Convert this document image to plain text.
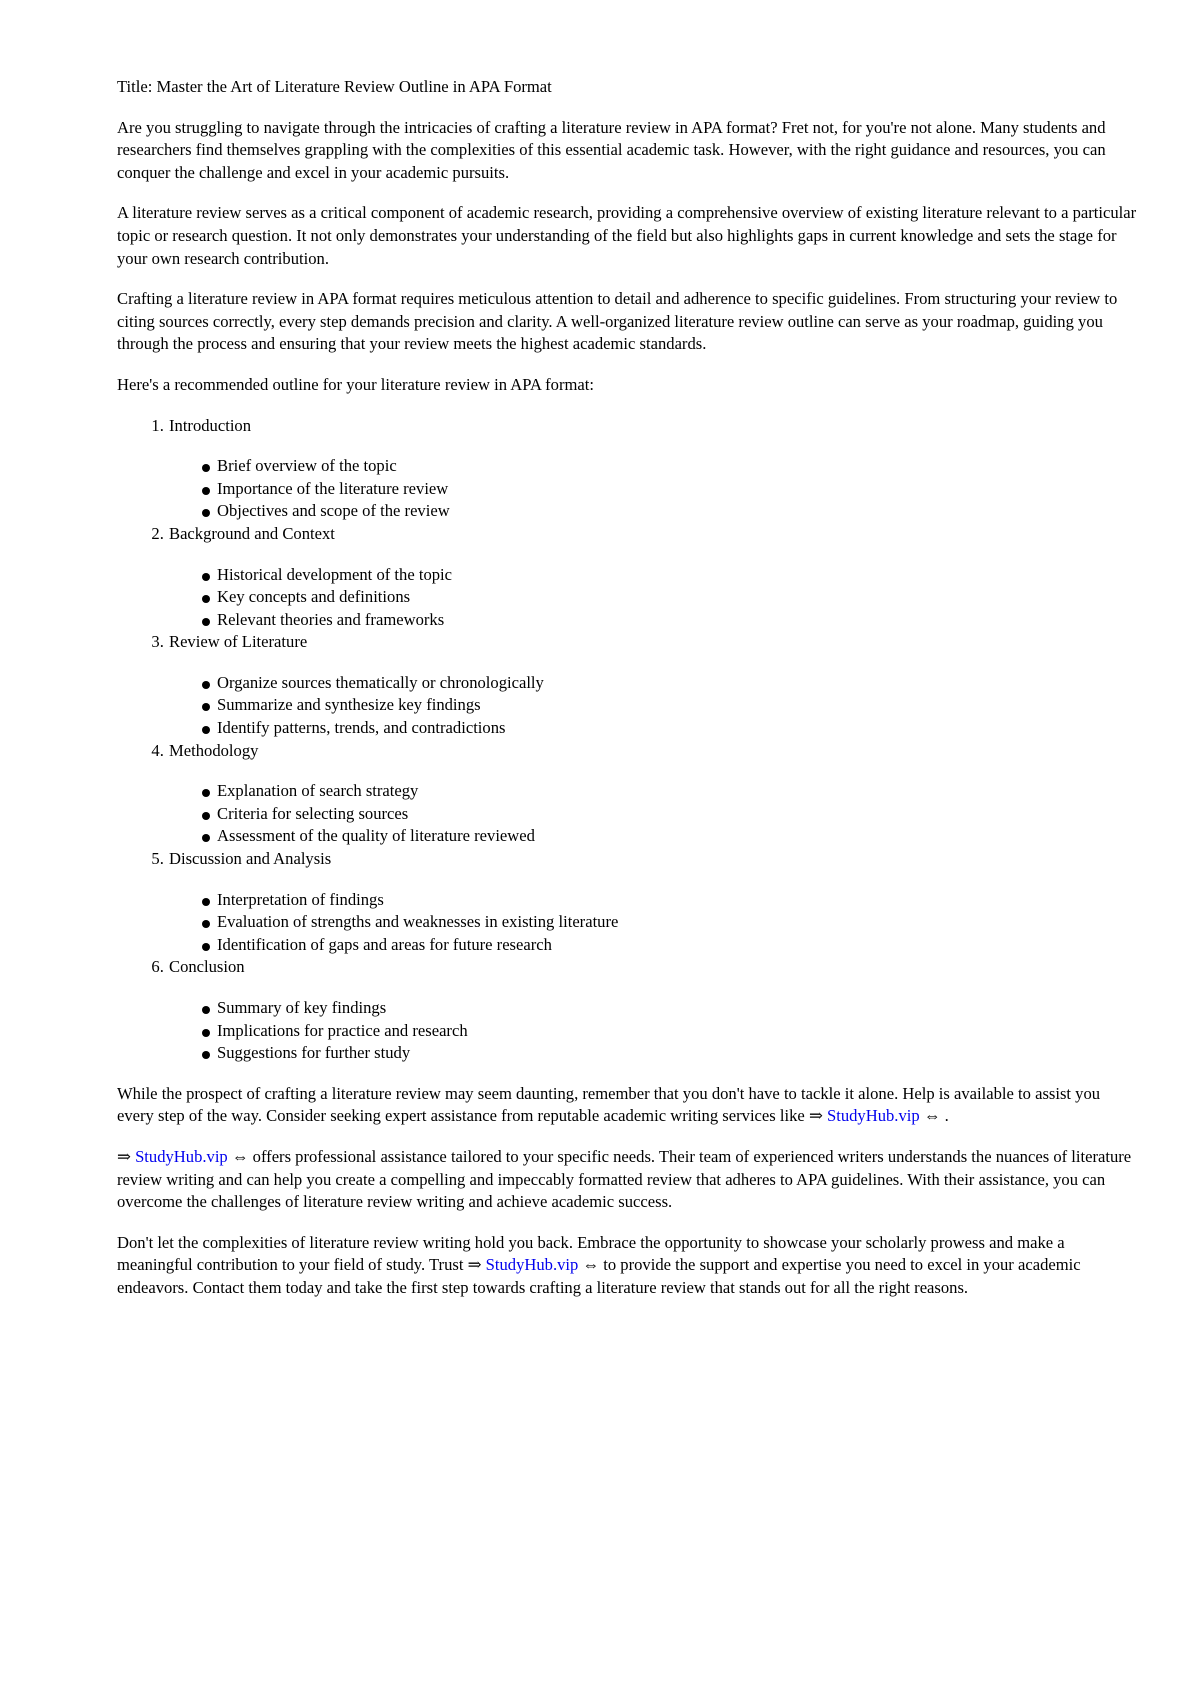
Title: Master the Art of Literature Review Outline in APA Format

Are you struggling to navigate through the intricacies of crafting a literature review in APA format? Fret not, for you're not alone. Many students and researchers find themselves grappling with the complexities of this essential academic task. However, with the right guidance and resources, you can conquer the challenge and excel in your academic pursuits.

A literature review serves as a critical component of academic research, providing a comprehensive overview of existing literature relevant to a particular topic or research question. It not only demonstrates your understanding of the field but also highlights gaps in current knowledge and sets the stage for your own research contribution.

Crafting a literature review in APA format requires meticulous attention to detail and adherence to specific guidelines. From structuring your review to citing sources correctly, every step demands precision and clarity. A well-organized literature review outline can serve as your roadmap, guiding you through the process and ensuring that your review meets the highest academic standards.

Here's a recommended outline for your literature review in APA format:

1. Introduction
Brief overview of the topic
Importance of the literature review
Objectives and scope of the review
2. Background and Context
Historical development of the topic
Key concepts and definitions
Relevant theories and frameworks
3. Review of Literature
Organize sources thematically or chronologically
Summarize and synthesize key findings
Identify patterns, trends, and contradictions
4. Methodology
Explanation of search strategy
Criteria for selecting sources
Assessment of the quality of literature reviewed
5. Discussion and Analysis
Interpretation of findings
Evaluation of strengths and weaknesses in existing literature
Identification of gaps and areas for future research
6. Conclusion
Summary of key findings
Implications for practice and research
Suggestions for further study

While the prospect of crafting a literature review may seem daunting, remember that you don't have to tackle it alone. Help is available to assist you every step of the way. Consider seeking expert assistance from reputable academic writing services like ⇒ StudyHub.vip ⇔ .

⇒ StudyHub.vip ⇔ offers professional assistance tailored to your specific needs. Their team of experienced writers understands the nuances of literature review writing and can help you create a compelling and impeccably formatted review that adheres to APA guidelines. With their assistance, you can overcome the challenges of literature review writing and achieve academic success.

Don't let the complexities of literature review writing hold you back. Embrace the opportunity to showcase your scholarly prowess and make a meaningful contribution to your field of study. Trust ⇒ StudyHub.vip ⇔ to provide the support and expertise you need to excel in your academic endeavors. Contact them today and take the first step towards crafting a literature review that stands out for all the right reasons.
